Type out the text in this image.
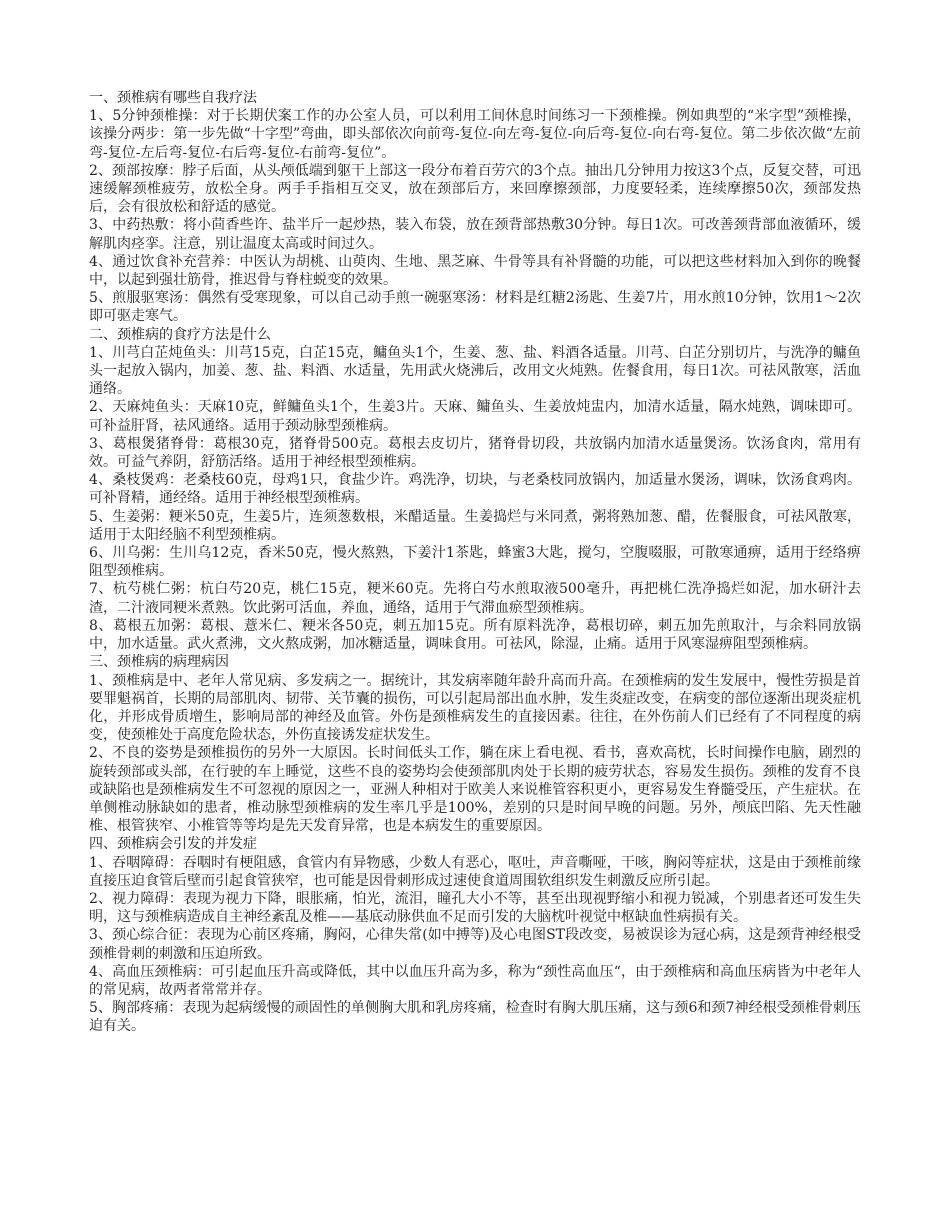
一、颈椎病有哪些自我疗法
1、5分钟颈椎操：对于长期伏案工作的办公室人员，可以利用工间休息时间练习一下颈椎操。例如典型的“米字型”颈椎操，该操分两步：第一步先做“十字型”弯曲，即头部依次向前弯-复位-向左弯-复位-向后弯-复位-向右弯-复位。第二步依次做“左前弯-复位-左后弯-复位-右后弯-复位-右前弯-复位”。
2、颈部按摩：脖子后面，从头颅低端到躯干上部这一段分布着百劳穴的3个点。抽出几分钟用力按这3个点，反复交替，可迅速缓解颈椎疲劳，放松全身。两手手指相互交叉，放在颈部后方，来回摩擦颈部，力度要轻柔，连续摩擦50次，颈部发热后，会有很放松和舒适的感觉。
3、中药热敷：将小茴香些许、盐半斤一起炒热，装入布袋，放在颈背部热敷30分钟。每日1次。可改善颈背部血液循环，缓解肌肉痉挛。注意，别让温度太高或时间过久。
4、通过饮食补充营养：中医认为胡桃、山萸肉、生地、黑芝麻、牛骨等具有补肾髓的功能，可以把这些材料加入到你的晚餐中，以起到强壮筋骨，推迟骨与脊柱蜕变的效果。
5、煎服驱寒汤：偶然有受寒现象，可以自己动手煎一碗驱寒汤：材料是红糖2汤匙、生姜7片，用水煎10分钟，饮用1～2次即可驱走寒气。
二、颈椎病的食疗方法是什么
1、川芎白芷炖鱼头：川芎15克，白芷15克，鳙鱼头1个，生姜、葱、盐、料酒各适量。川芎、白芷分别切片，与洗净的鳙鱼头一起放入锅内，加姜、葱、盐、料酒、水适量，先用武火烧沸后，改用文火炖熟。佐餐食用，每日1次。可祛风散寒，活血通络。
2、天麻炖鱼头：天麻10克，鲜鳙鱼头1个，生姜3片。天麻、鳙鱼头、生姜放炖盅内，加清水适量，隔水炖熟，调味即可。可补益肝肾，祛风通络。适用于颈动脉型颈椎病。
3、葛根煲猪脊骨：葛根30克，猪脊骨500克。葛根去皮切片，猪脊骨切段，共放锅内加清水适量煲汤。饮汤食肉，常用有效。可益气养阴，舒筋活络。适用于神经根型颈椎病。
4、桑枝煲鸡：老桑枝60克，母鸡1只，食盐少许。鸡洗净，切块，与老桑枝同放锅内，加适量水煲汤，调味，饮汤食鸡肉。可补肾精，通经络。适用于神经根型颈椎病。
5、生姜粥：粳米50克，生姜5片，连须葱数根，米醋适量。生姜捣烂与米同煮，粥将熟加葱、醋，佐餐服食，可祛风散寒，适用于太阳经脑不利型颈椎病。
6、川乌粥：生川乌12克，香米50克，慢火熬熟，下姜汁1茶匙，蜂蜜3大匙，搅匀，空腹啜服，可散寒通痹，适用于经络痹阻型颈椎病。
7、杭芍桃仁粥：杭白芍20克，桃仁15克，粳米60克。先将白芍水煎取液500毫升，再把桃仁洗净捣烂如泥，加水研汁去渣，二汁液同粳米煮熟。饮此粥可活血，养血，通络，适用于气滞血瘀型颈椎病。
8、葛根五加粥：葛根、薏米仁、粳米各50克，刺五加15克。所有原料洗净，葛根切碎，刺五加先煎取汁，与余料同放锅中，加水适量。武火煮沸，文火熬成粥，加冰糖适量，调味食用。可祛风，除湿，止痛。适用于风寒湿痹阻型颈椎病。
三、颈椎病的病理病因
1、颈椎病是中、老年人常见病、多发病之一。据统计，其发病率随年龄升高而升高。在颈椎病的发生发展中，慢性劳损是首要罪魁祸首，长期的局部肌肉、韧带、关节囊的损伤，可以引起局部出血水肿，发生炎症改变，在病变的部位逐渐出现炎症机化，并形成骨质增生，影响局部的神经及血管。外伤是颈椎病发生的直接因素。往往，在外伤前人们已经有了不同程度的病变，使颈椎处于高度危险状态，外伤直接诱发症状发生。
2、不良的姿势是颈椎损伤的另外一大原因。长时间低头工作，躺在床上看电视、看书，喜欢高枕，长时间操作电脑，剧烈的旋转颈部或头部，在行驶的车上睡觉，这些不良的姿势均会使颈部肌肉处于长期的疲劳状态，容易发生损伤。颈椎的发育不良或缺陷也是颈椎病发生不可忽视的原因之一，亚洲人种相对于欧美人来说椎管容积更小，更容易发生脊髓受压，产生症状。在单侧椎动脉缺如的患者，椎动脉型颈椎病的发生率几乎是100%，差别的只是时间早晚的问题。另外，颅底凹陷、先天性融椎、根管狭窄、小椎管等等均是先天发育异常，也是本病发生的重要原因。
四、颈椎病会引发的并发症
1、吞咽障碍：吞咽时有梗阻感，食管内有异物感，少数人有恶心，呕吐，声音嘶哑，干咳，胸闷等症状，这是由于颈椎前缘直接压迫食管后壁而引起食管狭窄，也可能是因骨刺形成过速使食道周围软组织发生刺激反应所引起。
2、视力障碍：表现为视力下降，眼胀痛，怕光，流泪，瞳孔大小不等，甚至出现视野缩小和视力锐减，个别患者还可发生失明，这与颈椎病造成自主神经紊乱及椎——基底动脉供血不足而引发的大脑枕叶视觉中枢缺血性病损有关。
3、颈心综合征：表现为心前区疼痛，胸闷，心律失常(如中搏等)及心电图ST段改变，易被误诊为冠心病，这是颈背神经根受颈椎骨刺的刺激和压迫所致。
4、高血压颈椎病：可引起血压升高或降低，其中以血压升高为多，称为“颈性高血压“，由于颈椎病和高血压病皆为中老年人的常见病，故两者常常并存。
5、胸部疼痛：表现为起病缓慢的顽固性的单侧胸大肌和乳房疼痛，检查时有胸大肌压痛，这与颈6和颈7神经根受颈椎骨刺压迫有关。
